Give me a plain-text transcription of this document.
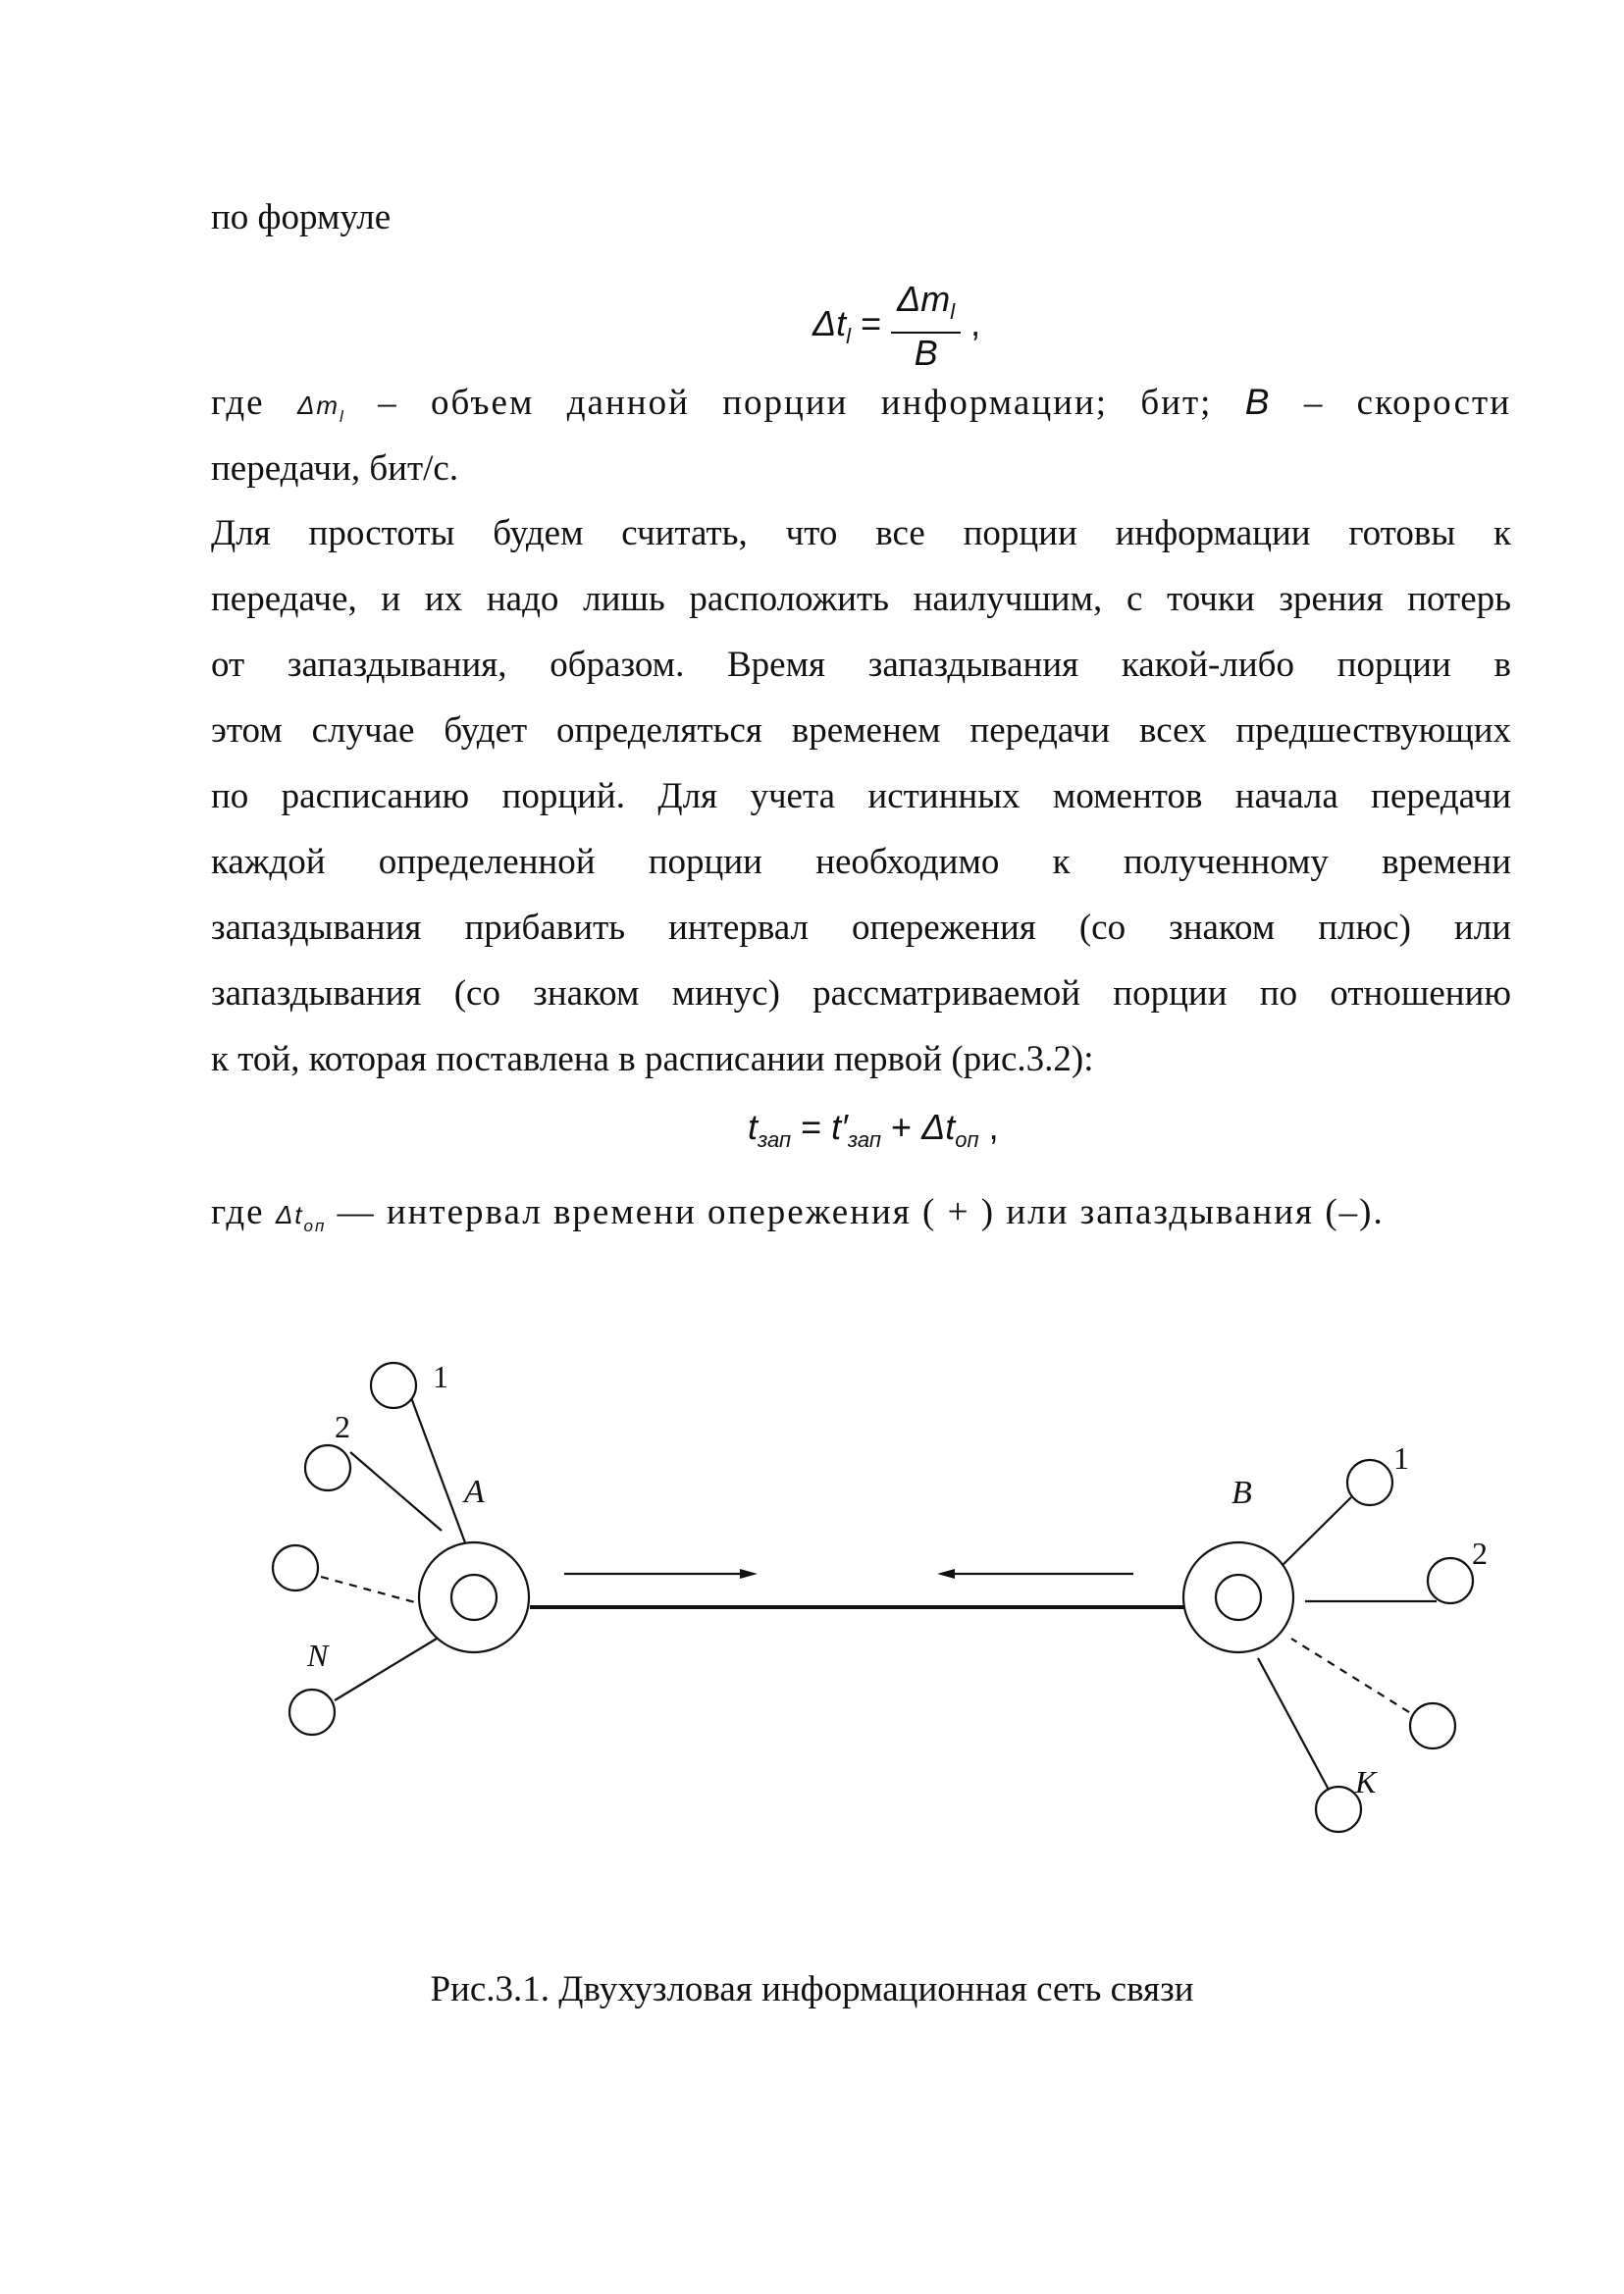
по формуле
$\Delta t_l = \frac{\Delta m_l}{B}$ ,
где $\Delta m_l$ – объем данной порции информации; бит; B – скорости
передачи, бит/с.
Для простоты будем считать, что все порции информации готовы к
передаче, и их надо лишь расположить наилучшим, с точки зрения потерь
от запаздывания, образом. Время запаздывания какой-либо порции в
этом случае будет определяться временем передачи всех предшествующих
по расписанию порций. Для учета истинных моментов начала передачи
каждой определенной порции необходимо к полученному времени
запаздывания прибавить интервал опережения (со знаком плюс) или
запаздывания (со знаком минус) рассматриваемой порции по отношению
к той, которая поставлена в расписании первой (рис.3.2):
$t_{зап} = t'_{зап} + \Delta t_{оп}$ ,
где $\Delta t_{оп}$ — интервал времени опережения ( + ) или запаздывания (–).
1
2
N
A	B
1
2
K
Рис.3.1. Двухузловая информационная сеть связи
